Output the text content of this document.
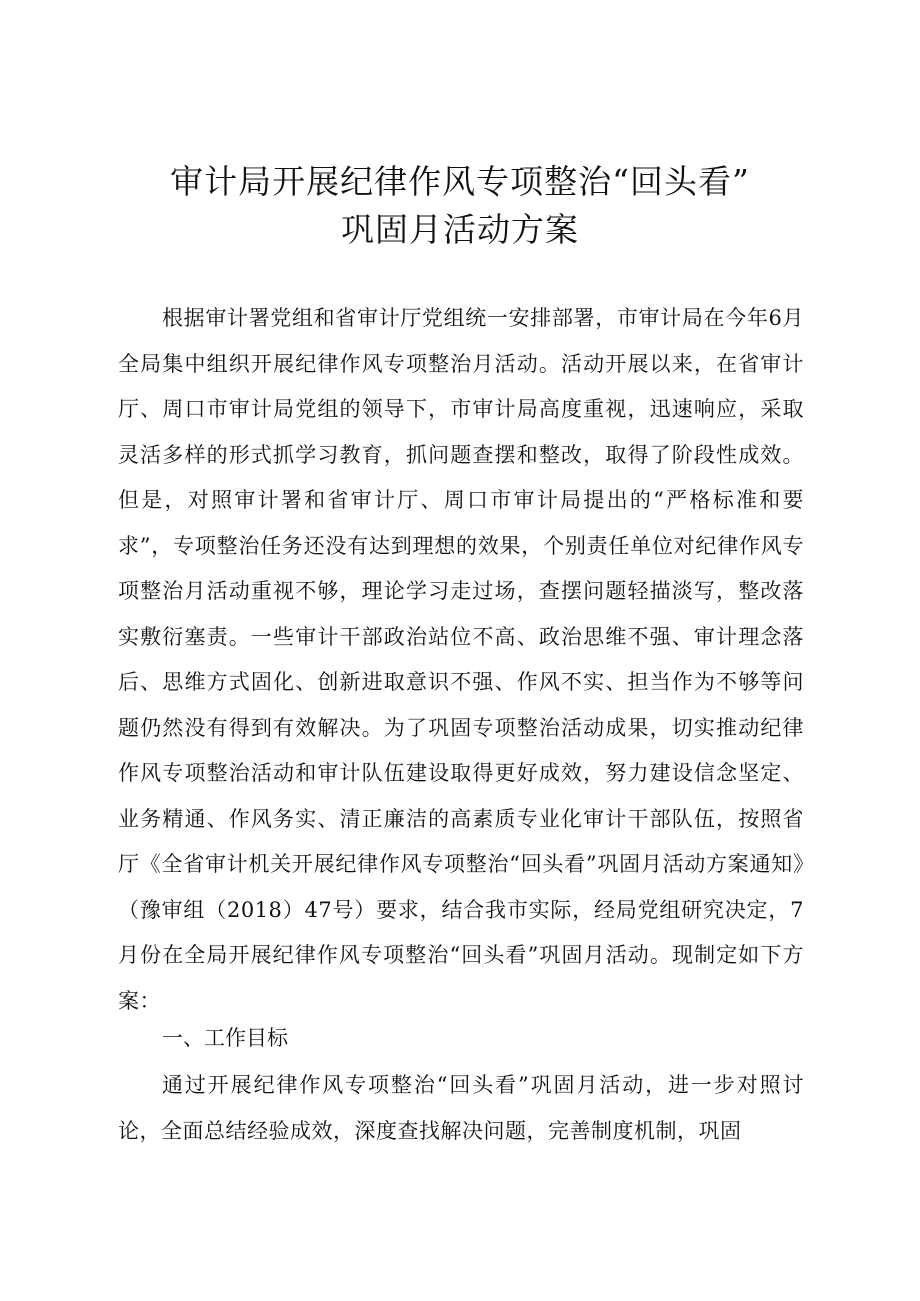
审计局开展纪律作风专项整治“回头看”
巩固月活动方案

根据审计署党组和省审计厅党组统一安排部署，市审计局在今年6月全局集中组织开展纪律作风专项整治月活动。活动开展以来，在省审计厅、周口市审计局党组的领导下，市审计局高度重视，迅速响应，采取灵活多样的形式抓学习教育，抓问题查摆和整改，取得了阶段性成效。但是，对照审计署和省审计厅、周口市审计局提出的“严格标准和要求”，专项整治任务还没有达到理想的效果，个别责任单位对纪律作风专项整治月活动重视不够，理论学习走过场，查摆问题轻描淡写，整改落实敷衍塞责。一些审计干部政治站位不高、政治思维不强、审计理念落后、思维方式固化、创新进取意识不强、作风不实、担当作为不够等问题仍然没有得到有效解决。为了巩固专项整治活动成果，切实推动纪律作风专项整治活动和审计队伍建设取得更好成效，努力建设信念坚定、业务精通、作风务实、清正廉洁的高素质专业化审计干部队伍，按照省厅《全省审计机关开展纪律作风专项整治“回头看”巩固月活动方案通知》（豫审组（2018）47号）要求，结合我市实际，经局党组研究决定，7月份在全局开展纪律作风专项整治“回头看”巩固月活动。现制定如下方案：

一、工作目标

通过开展纪律作风专项整治“回头看”巩固月活动，进一步对照讨论，全面总结经验成效，深度查找解决问题，完善制度机制，巩固
